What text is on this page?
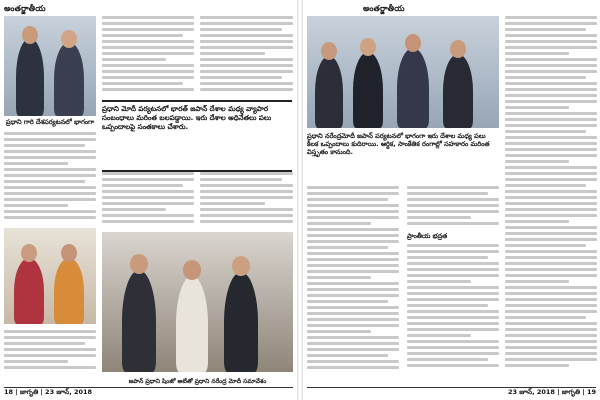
అంతర్జాతీయ
ప్రధాని గారి దేశపర్యటనలో భాగంగా
ప్రధాని మోదీ పర్యటనలో భారత్ జపాన్ దేశాల మధ్య వ్యాపార సంబంధాలు మరింత బలపడ్డాయి. ఇరు దేశాల అధినేతలు పలు ఒప్పందాలపై సంతకాలు చేశారు.
జపాన్ ప్రధాని షింజో అబేతో ప్రధాని నరేంద్ర మోదీ సమావేశం
18 | జాగృతి | 23 జూన్, 2018
అంతర్జాతీయ
ప్రధాని నరేంద్రమోదీ జపాన్ పర్యటనలో భాగంగా ఇరు దేశాల మధ్య పలు కీలక ఒప్పందాలు కుదిరాయి. ఆర్థిక, సాంకేతిక రంగాల్లో సహకారం మరింత విస్తృతం కానుంది.
ప్రాంతీయ భద్రత
23 జూన్, 2018 | జాగృతి | 19
